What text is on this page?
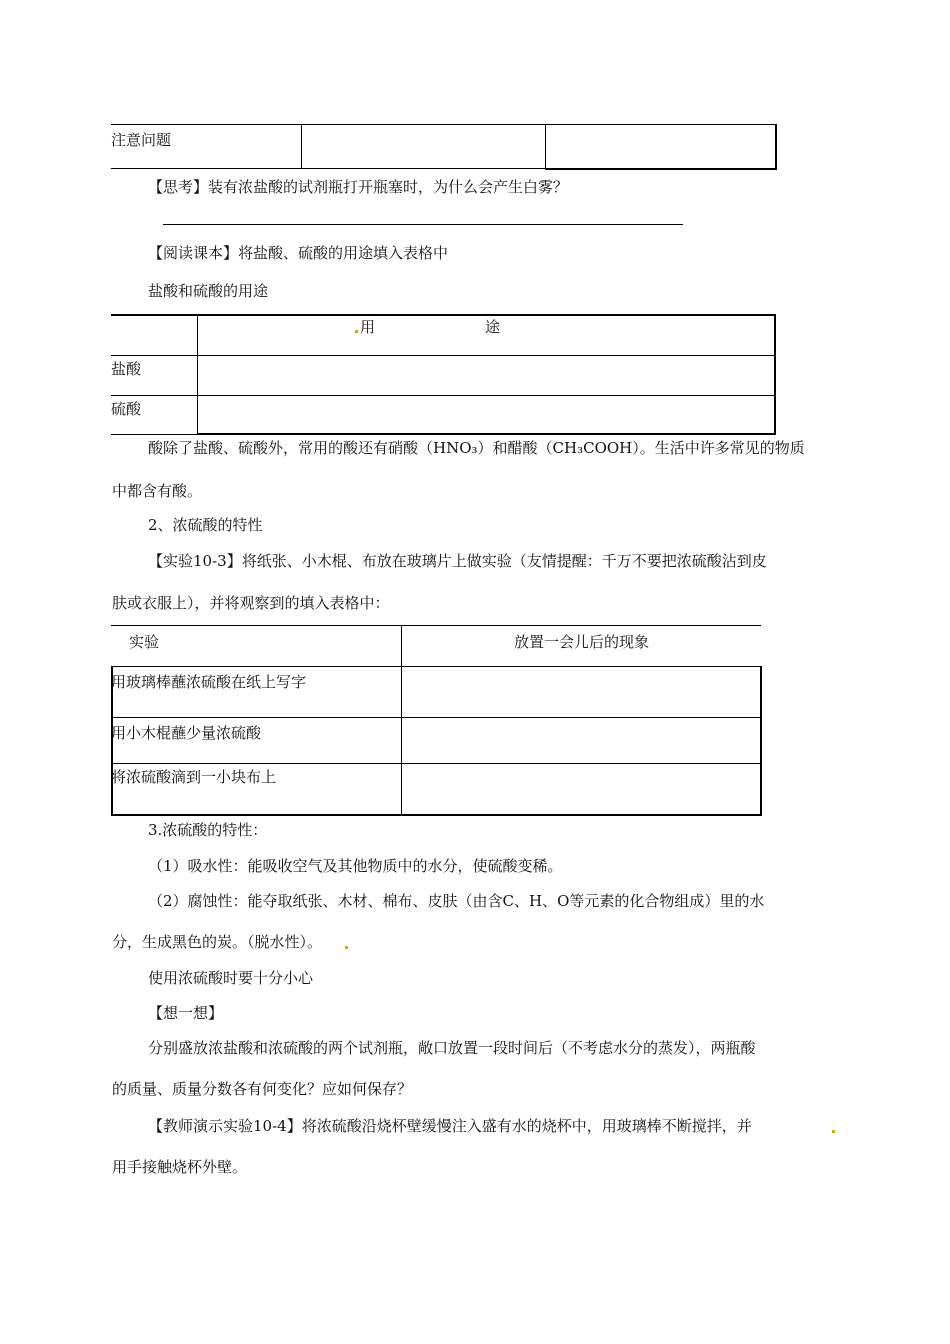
注意问题

【思考】装有浓盐酸的试剂瓶打开瓶塞时，为什么会产生白雾？
【阅读课本】将盐酸、硫酸的用途填入表格中
盐酸和硫酸的用途

	用 途

盐酸	

硫酸	

酸除了盐酸、硫酸外，常用的酸还有硝酸（HNO₃）和醋酸（CH₃COOH）。生活中许多常见的物质
中都含有酸。
2、浓硫酸的特性
【实验10-3】将纸张、小木棍、布放在玻璃片上做实验（友情提醒：千万不要把浓硫酸沾到皮
肤或衣服上），并将观察到的填入表格中：
实验	放置一会儿后的现象

用玻璃棒蘸浓硫酸在纸上写字	

用小木棍蘸少量浓硫酸	

将浓硫酸滴到一小块布上	

3.浓硫酸的特性：
（1）吸水性：能吸收空气及其他物质中的水分，使硫酸变稀。
（2）腐蚀性：能夺取纸张、木材、棉布、皮肤（由含C、H、O等元素的化合物组成）里的水
分，生成黑色的炭。（脱水性）。
使用浓硫酸时要十分小心
【想一想】
分别盛放浓盐酸和浓硫酸的两个试剂瓶，敞口放置一段时间后（不考虑水分的蒸发），两瓶酸
的质量、质量分数各有何变化？应如何保存？
【教师演示实验10-4】将浓硫酸沿烧杯壁缓慢注入盛有水的烧杯中，用玻璃棒不断搅拌，并
用手接触烧杯外壁。
